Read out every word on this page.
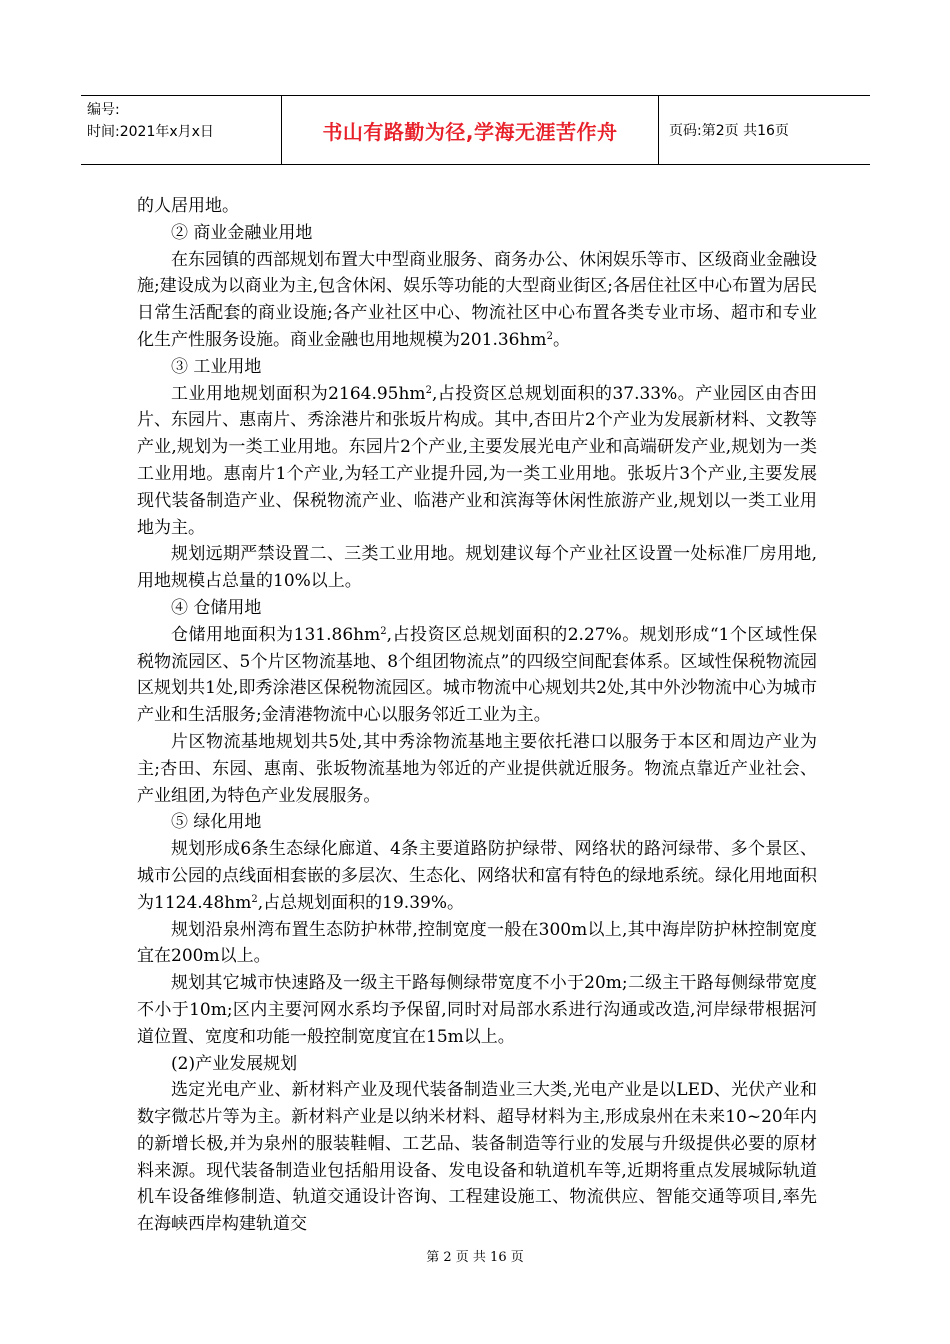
编号:
时间:2021年x月x日	书山有路勤为径,学海无涯苦作舟	页码:第2页 共16页

的人居用地。

② 商业金融业用地

在东园镇的西部规划布置大中型商业服务、商务办公、休闲娱乐等市、区级商业金融设施;建设成为以商业为主,包含休闲、娱乐等功能的大型商业街区;各居住社区中心布置为居民日常生活配套的商业设施;各产业社区中心、物流社区中心布置各类专业市场、超市和专业化生产性服务设施。商业金融也用地规模为$201.36hm^2$。

③ 工业用地

工业用地规划面积为$2164.95hm^2$,占投资区总规划面积的37.33%。产业园区由杏田片、东园片、惠南片、秀涂港片和张坂片构成。其中,杏田片2个产业为发展新材料、文教等产业,规划为一类工业用地。东园片2个产业,主要发展光电产业和高端研发产业,规划为一类工业用地。惠南片1个产业,为轻工产业提升园,为一类工业用地。张坂片3个产业,主要发展现代装备制造产业、保税物流产业、临港产业和滨海等休闲性旅游产业,规划以一类工业用地为主。

规划远期严禁设置二、三类工业用地。规划建议每个产业社区设置一处标准厂房用地,用地规模占总量的10%以上。

④ 仓储用地

仓储用地面积为$131.86hm^2$,占投资区总规划面积的2.27%。规划形成“1个区域性保税物流园区、5个片区物流基地、8个组团物流点”的四级空间配套体系。区域性保税物流园区规划共1处,即秀涂港区保税物流园区。城市物流中心规划共2处,其中外沙物流中心为城市产业和生活服务;金清港物流中心以服务邻近工业为主。

片区物流基地规划共5处,其中秀涂物流基地主要依托港口以服务于本区和周边产业为主;杏田、东园、惠南、张坂物流基地为邻近的产业提供就近服务。物流点靠近产业社会、产业组团,为特色产业发展服务。

⑤ 绿化用地

规划形成6条生态绿化廊道、4条主要道路防护绿带、网络状的路河绿带、多个景区、城市公园的点线面相套嵌的多层次、生态化、网络状和富有特色的绿地系统。绿化用地面积为$1124.48hm^2$,占总规划面积的19.39%。

规划沿泉州湾布置生态防护林带,控制宽度一般在300m以上,其中海岸防护林控制宽度宜在200m以上。

规划其它城市快速路及一级主干路每侧绿带宽度不小于20m;二级主干路每侧绿带宽度不小于10m;区内主要河网水系均予保留,同时对局部水系进行沟通或改造,河岸绿带根据河道位置、宽度和功能一般控制宽度宜在15m以上。

(2)产业发展规划

选定光电产业、新材料产业及现代装备制造业三大类,光电产业是以LED、光伏产业和数字微芯片等为主。新材料产业是以纳米材料、超导材料为主,形成泉州在未来10~20年内的新增长极,并为泉州的服装鞋帽、工艺品、装备制造等行业的发展与升级提供必要的原材料来源。现代装备制造业包括船用设备、发电设备和轨道机车等,近期将重点发展城际轨道机车设备维修制造、轨道交通设计咨询、工程建设施工、物流供应、智能交通等项目,率先在海峡西岸构建轨道交

第 2 页 共 16 页
